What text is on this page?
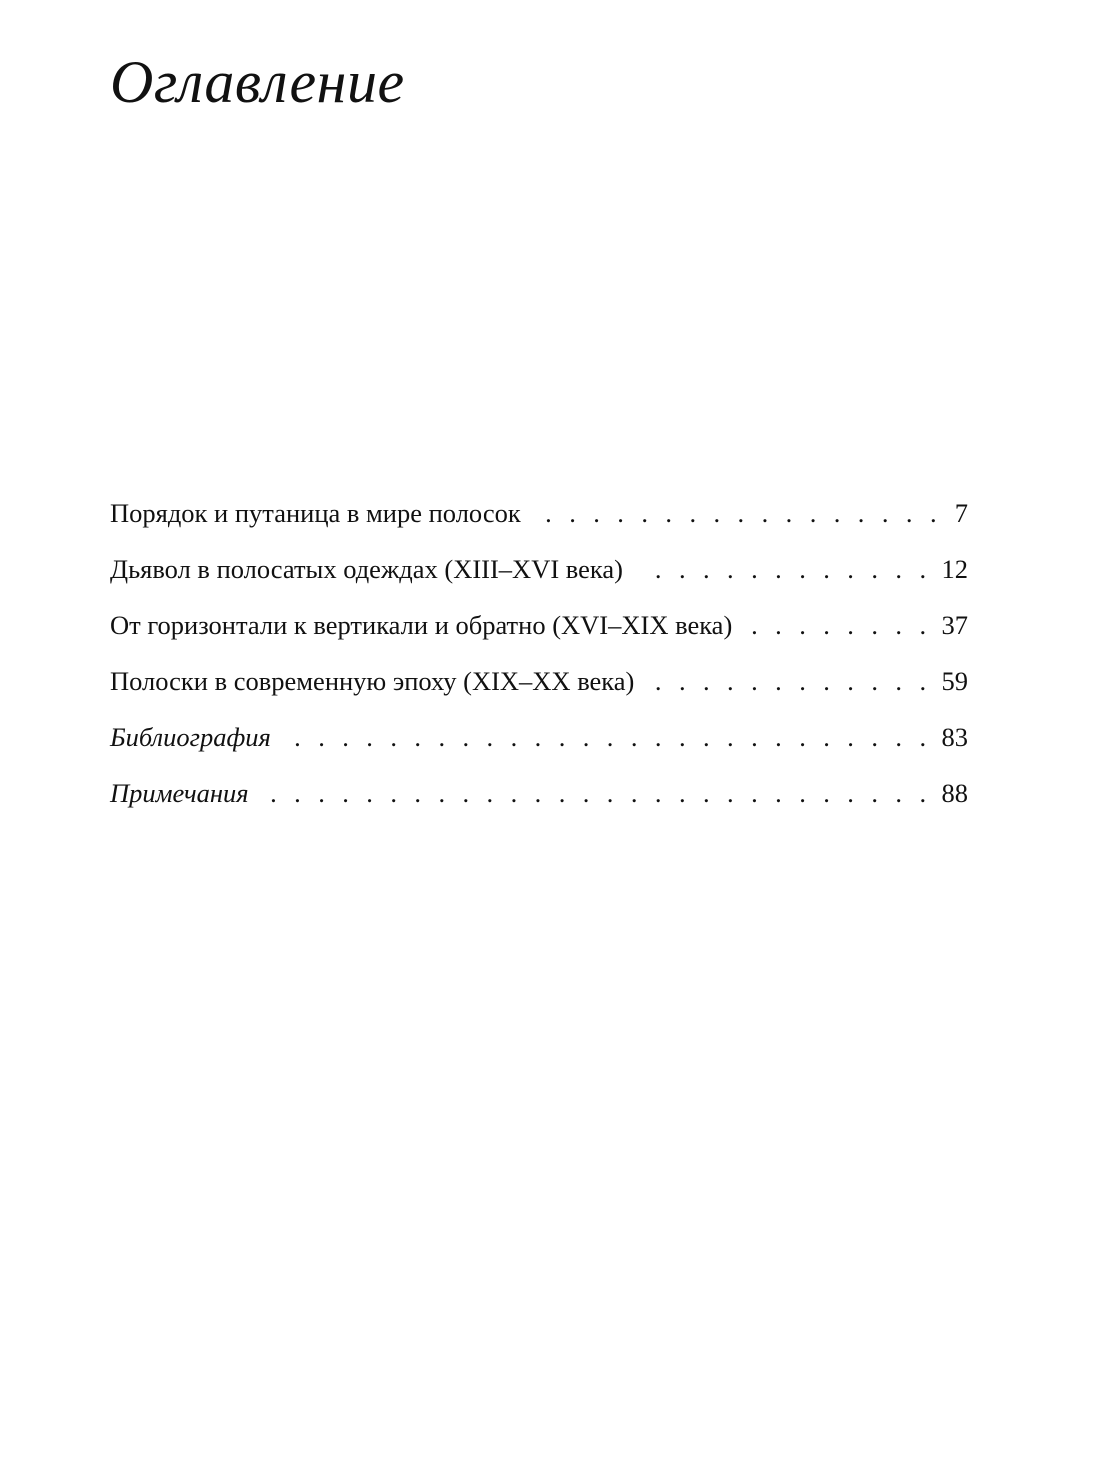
Оглавление
Порядок и путаница в мире полосок . . .	7
Дьявол в полосатых одеждах (XIII–XVI века) . . .	12
От горизонтали к вертикали и обратно (XVI–XIX века) . . .	37
Полоски в современную эпоху (XIX–XX века) . . .	59
Библиография . . .	83
Примечания . . .	88
